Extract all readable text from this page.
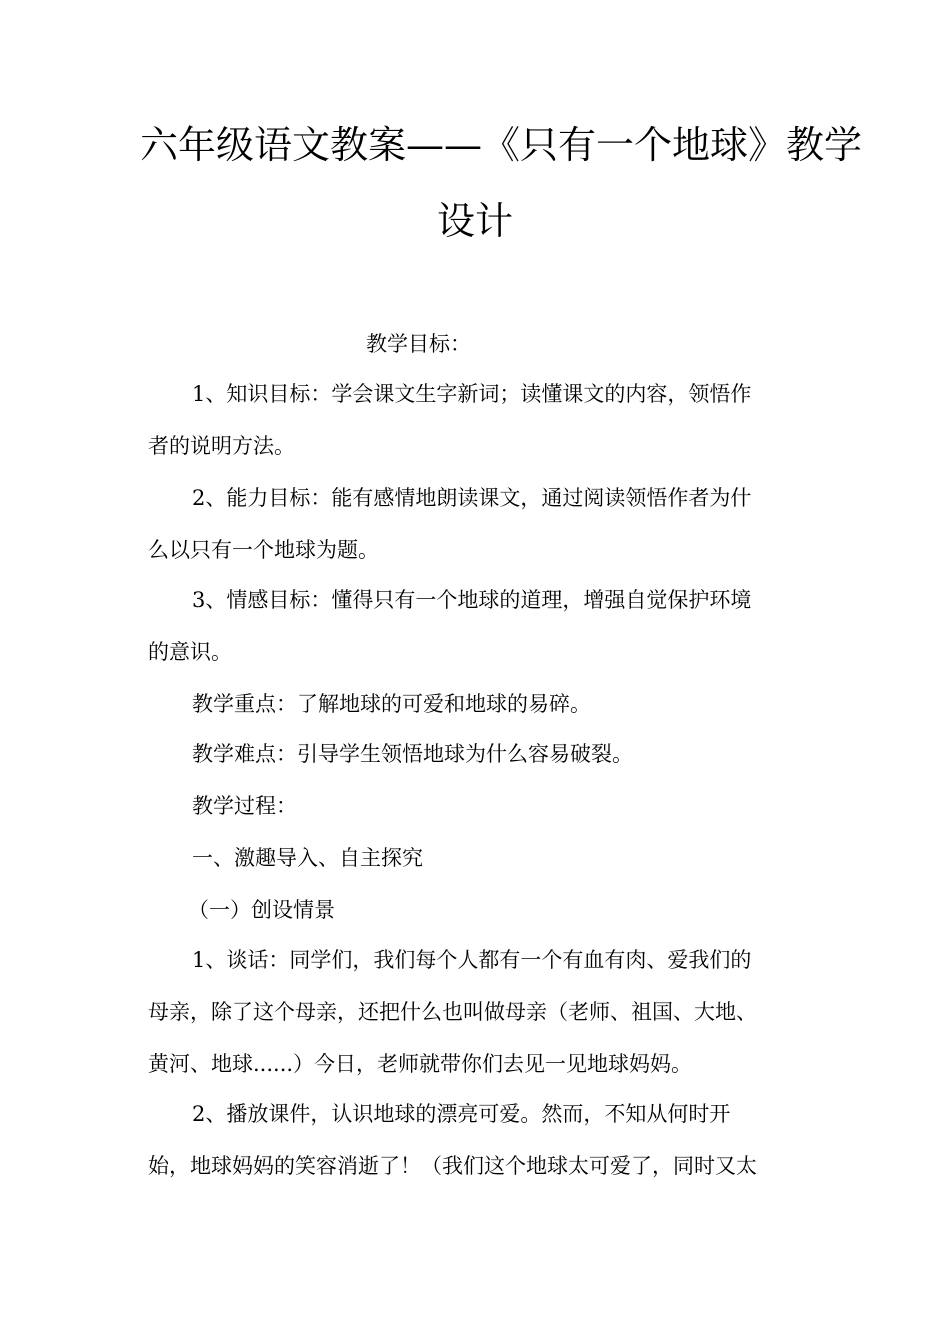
六年级语文教案——《只有一个地球》教学
设计
教学目标：
1、知识目标：学会课文生字新词；读懂课文的内容，领悟作
者的说明方法。
2、能力目标：能有感情地朗读课文，通过阅读领悟作者为什
么以只有一个地球为题。
3、情感目标：懂得只有一个地球的道理，增强自觉保护环境
的意识。
教学重点：了解地球的可爱和地球的易碎。
教学难点：引导学生领悟地球为什么容易破裂。
教学过程：
一、激趣导入、自主探究
（一）创设情景
1、谈话：同学们，我们每个人都有一个有血有肉、爱我们的
母亲，除了这个母亲，还把什么也叫做母亲（老师、祖国、大地、
黄河、地球......）今日，老师就带你们去见一见地球妈妈。
2、播放课件，认识地球的漂亮可爱。然而，不知从何时开
始，地球妈妈的笑容消逝了！（我们这个地球太可爱了，同时又太
